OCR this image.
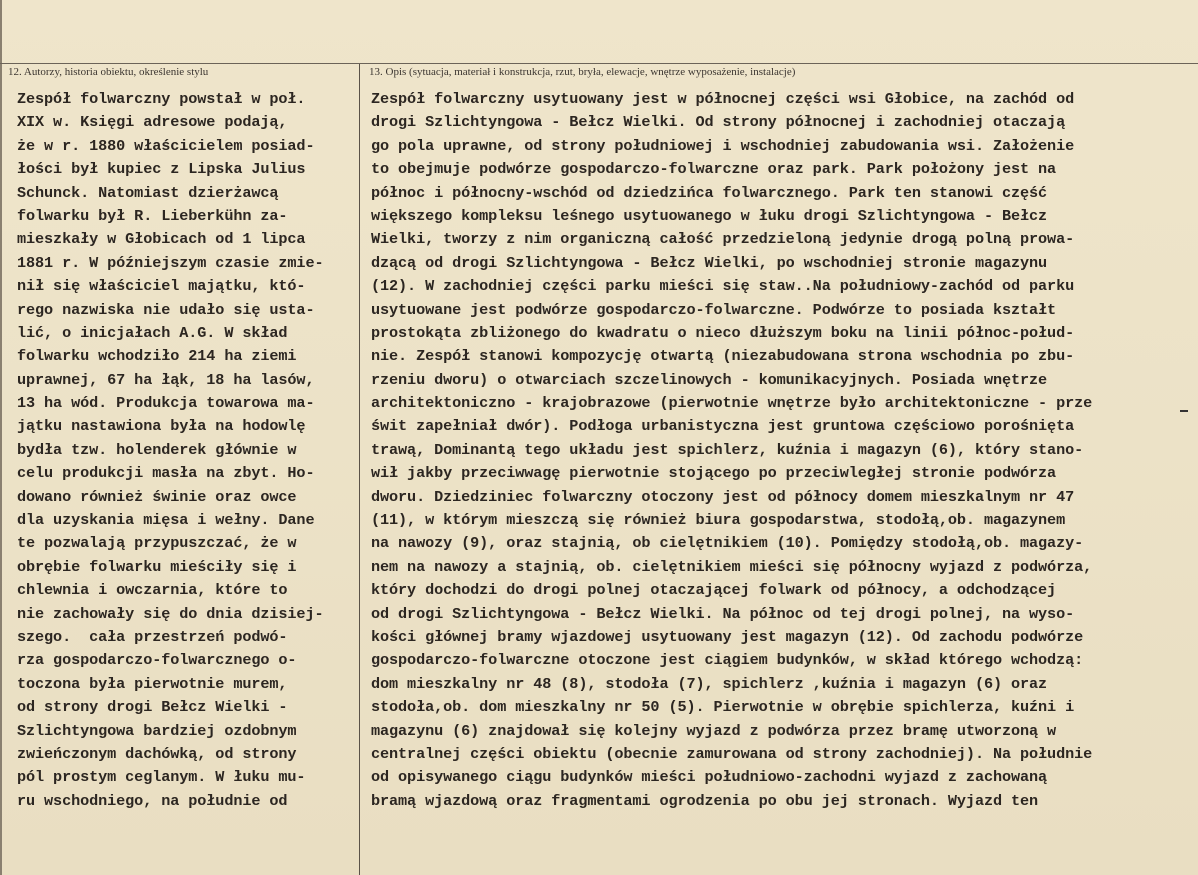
12. Autorzy, historia obiektu, określenie stylu	13. Opis (sytuacja, materiał i konstrukcja, rzut, bryła, elewacje, wnętrze wyposażenie, instalacje)
Zespół folwarczny powstał w poł.
XIX w. Księgi adresowe podają,
że w r. 1880 właścicielem posiad-
łości był kupiec z Lipska Julius
Schunck. Natomiast dzierżawcą
folwarku był R. Lieberkühn za-
mieszkały w Głobicach od 1 lipca
1881 r. W późniejszym czasie zmie-
nił się właściciel majątku, któ-
rego nazwiska nie udało się usta-
lić, o inicjałach A.G. W skład
folwarku wchodziło 214 ha ziemi
uprawnej, 67 ha łąk, 18 ha lasów,
13 ha wód. Produkcja towarowa ma-
jątku nastawiona była na hodowlę
bydła tzw. holenderek głównie w
celu produkcji masła na zbyt. Ho-
dowano również świnie oraz owce
dla uzyskania mięsa i wełny. Dane
te pozwalają przypuszczać, że w
obrębie folwarku mieściły się i
chlewnia i owczarnia, które to
nie zachowały się do dnia dzisiej-
szego.  cała przestrzeń podwó-
rza gospodarczo-folwarcznego o-
toczona była pierwotnie murem,
od strony drogi Bełcz Wielki -
Szlichtyngowa bardziej ozdobnym
zwieńczonym dachówką, od strony
pól prostym ceglanym. W łuku mu-
ru wschodniego, na południe od
Zespół folwarczny usytuowany jest w północnej części wsi Głobice, na zachód od
drogi Szlichtyngowa - Bełcz Wielki. Od strony północnej i zachodniej otaczają
go pola uprawne, od strony południowej i wschodniej zabudowania wsi. Założenie
to obejmuje podwórze gospodarczo-folwarczne oraz park. Park położony jest na
północ i północny-wschód od dziedzińca folwarcznego. Park ten stanowi część
większego kompleksu leśnego usytuowanego w łuku drogi Szlichtyngowa - Bełcz
Wielki, tworzy z nim organiczną całość przedzieloną jedynie drogą polną prowa-
dzącą od drogi Szlichtyngowa - Bełcz Wielki, po wschodniej stronie magazynu
(12). W zachodniej części parku mieści się staw..Na południowy-zachód od parku
usytuowane jest podwórze gospodarczo-folwarczne. Podwórze to posiada kształt
prostokąta zbliżonego do kwadratu o nieco dłuższym boku na linii północ-połud-
nie. Zespół stanowi kompozycję otwartą (niezabudowana strona wschodnia po zbu-
rzeniu dworu) o otwarciach szczelinowych - komunikacyjnych. Posiada wnętrze
architektoniczno - krajobrazowe (pierwotnie wnętrze było architektoniczne - prze
świt zapełniał dwór). Podłoga urbanistyczna jest gruntowa częściowo porośnięta
trawą, Dominantą tego układu jest spichlerz, kuźnia i magazyn (6), który stano-
wił jakby przeciwwagę pierwotnie stojącego po przeciwległej stronie podwórza
dworu. Dziedziniec folwarczny otoczony jest od północy domem mieszkalnym nr 47
(11), w którym mieszczą się również biura gospodarstwa, stodołą,ob. magazynem
na nawozy (9), oraz stajnią, ob cielętnikiem (10). Pomiędzy stodołą,ob. magazy-
nem na nawozy a stajnią, ob. cielętnikiem mieści się północny wyjazd z podwórza,
który dochodzi do drogi polnej otaczającej folwark od północy, a odchodzącej
od drogi Szlichtyngowa - Bełcz Wielki. Na północ od tej drogi polnej, na wyso-
kości głównej bramy wjazdowej usytuowany jest magazyn (12). Od zachodu podwórze
gospodarczo-folwarczne otoczone jest ciągiem budynków, w skład którego wchodzą:
dom mieszkalny nr 48 (8), stodoła (7), spichlerz ,kuźnia i magazyn (6) oraz
stodoła,ob. dom mieszkalny nr 50 (5). Pierwotnie w obrębie spichlerza, kuźni i
magazynu (6) znajdował się kolejny wyjazd z podwórza przez bramę utworzoną w
centralnej części obiektu (obecnie zamurowana od strony zachodniej). Na południe
od opisywanego ciągu budynków mieści południowo-zachodni wyjazd z zachowaną
bramą wjazdową oraz fragmentami ogrodzenia po obu jej stronach. Wyjazd ten
